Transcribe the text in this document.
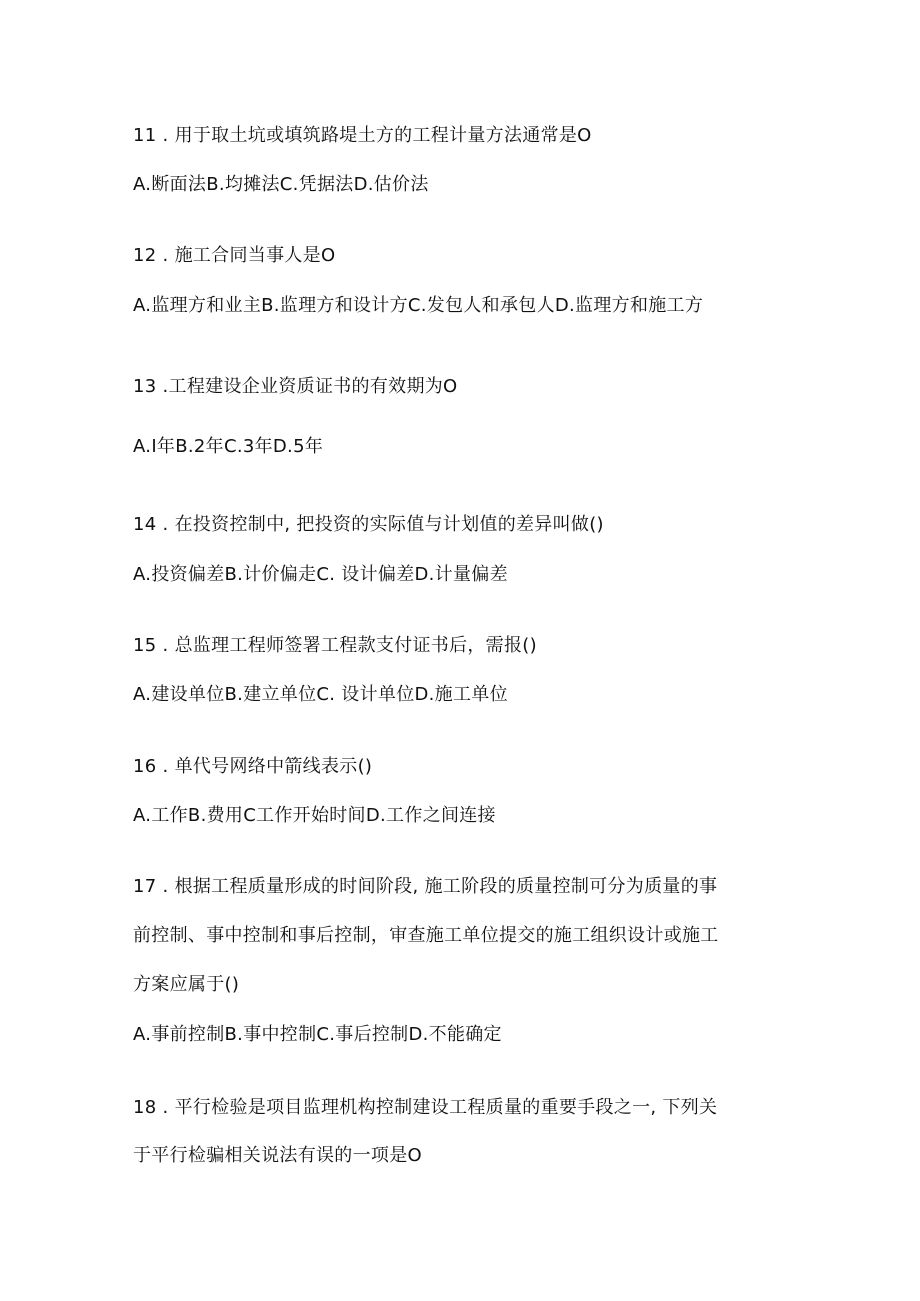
11 . 用于取土坑或填筑路堤土方的工程计量方法通常是O
A.断面法B.均摊法C.凭据法D.估价法
12 . 施工合同当事人是O
A.监理方和业主B.监理方和设计方C.发包人和承包人D.监理方和施工方
13 .工程建设企业资质证书的有效期为O
A.I年B.2年C.3年D.5年
14 . 在投资控制中, 把投资的实际值与计划值的差异叫做()
A.投资偏差B.计价偏走C. 设计偏差D.计量偏差
15 . 总监理工程师签署工程款支付证书后，需报()
A.建设单位B.建立单位C. 设计单位D.施工单位
16 . 单代号网络中箭线表示()
A.工作B.费用C工作开始时间D.工作之间连接
17 . 根据工程质量形成的时间阶段, 施工阶段的质量控制可分为质量的事
前控制、事中控制和事后控制，审查施工单位提交的施工组织设计或施工
方案应属于()
A.事前控制B.事中控制C.事后控制D.不能确定
18 . 平行检验是项目监理机构控制建设工程质量的重要手段之一, 下列关
于平行检骗相关说法有误的一项是O
